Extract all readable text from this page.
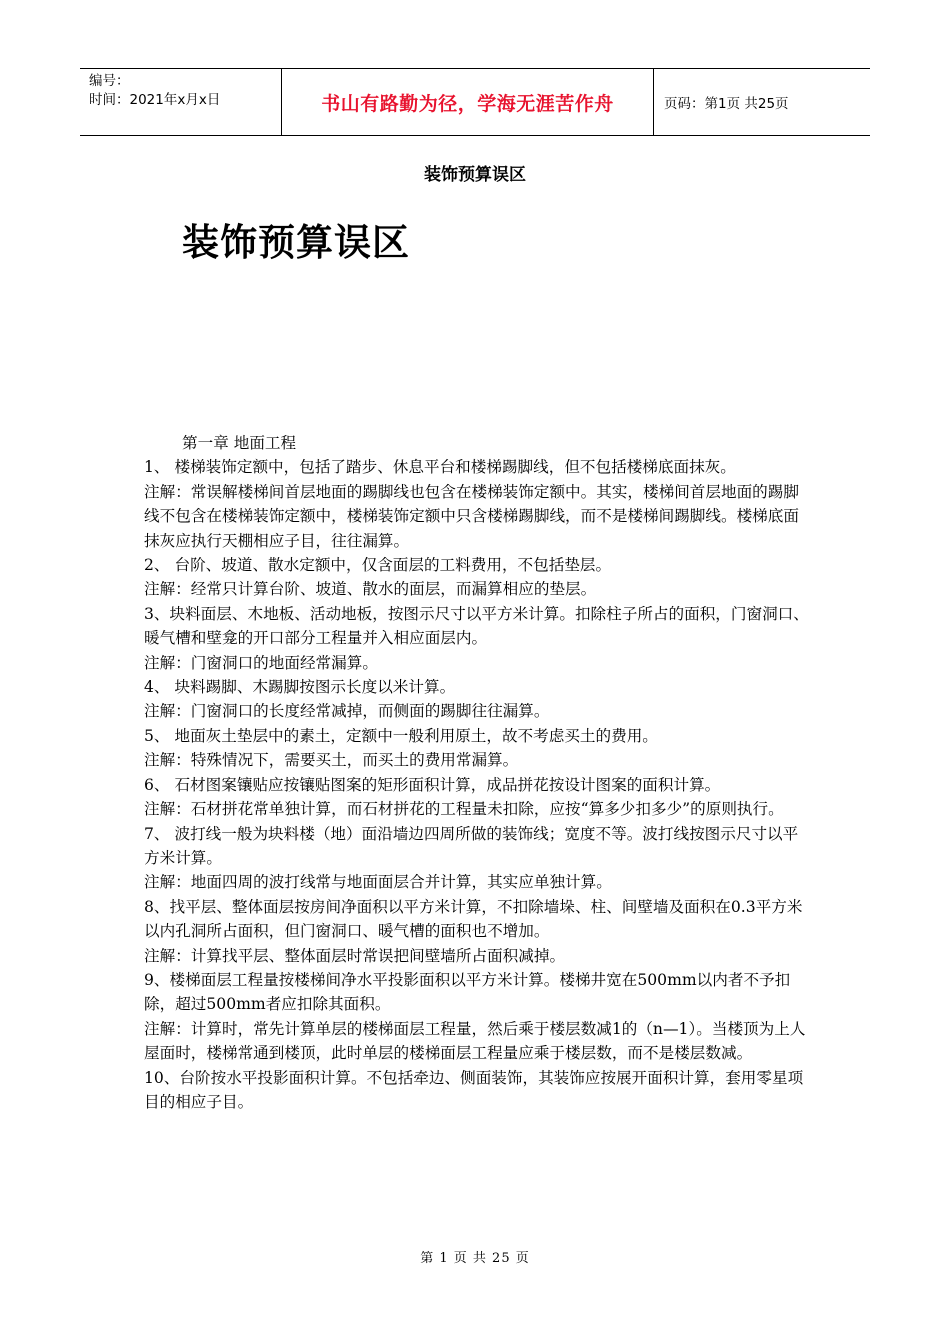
编号：
时间：2021年x月x日	书山有路勤为径，学海无涯苦作舟	页码：第1页 共25页
装饰预算误区
装饰预算误区

第一章 地面工程

1、 楼梯装饰定额中，包括了踏步、休息平台和楼梯踢脚线，但不包括楼梯底面抹灰。

注解：常误解楼梯间首层地面的踢脚线也包含在楼梯装饰定额中。其实，楼梯间首层地面的踢脚线不包含在楼梯装饰定额中，楼梯装饰定额中只含楼梯踢脚线，而不是楼梯间踢脚线。楼梯底面抹灰应执行天棚相应子目，往往漏算。

2、 台阶、坡道、散水定额中，仅含面层的工料费用，不包括垫层。

注解：经常只计算台阶、坡道、散水的面层，而漏算相应的垫层。

3、块料面层、木地板、活动地板，按图示尺寸以平方米计算。扣除柱子所占的面积，门窗洞口、暖气槽和壁龛的开口部分工程量并入相应面层内。

注解：门窗洞口的地面经常漏算。

4、 块料踢脚、木踢脚按图示长度以米计算。

注解：门窗洞口的长度经常减掉，而侧面的踢脚往往漏算。

5、 地面灰土垫层中的素土，定额中一般利用原土，故不考虑买土的费用。

注解：特殊情况下，需要买土，而买土的费用常漏算。

6、 石材图案镶贴应按镶贴图案的矩形面积计算，成品拼花按设计图案的面积计算。

注解：石材拼花常单独计算，而石材拼花的工程量未扣除，应按“算多少扣多少”的原则执行。

7、 波打线一般为块料楼（地）面沿墙边四周所做的装饰线；宽度不等。波打线按图示尺寸以平方米计算。

注解：地面四周的波打线常与地面面层合并计算，其实应单独计算。

8、找平层、整体面层按房间净面积以平方米计算，不扣除墙垛、柱、间壁墙及面积在0.3平方米以内孔洞所占面积，但门窗洞口、暖气槽的面积也不增加。

注解：计算找平层、整体面层时常误把间壁墙所占面积减掉。

9、楼梯面层工程量按楼梯间净水平投影面积以平方米计算。楼梯井宽在500mm以内者不予扣除，超过500mm者应扣除其面积。

注解：计算时，常先计算单层的楼梯面层工程量，然后乘于楼层数减1的（n—1）。当楼顶为上人屋面时，楼梯常通到楼顶，此时单层的楼梯面层工程量应乘于楼层数，而不是楼层数减。

10、台阶按水平投影面积计算。不包括牵边、侧面装饰，其装饰应按展开面积计算，套用零星项目的相应子目。

第 1 页 共 25 页
